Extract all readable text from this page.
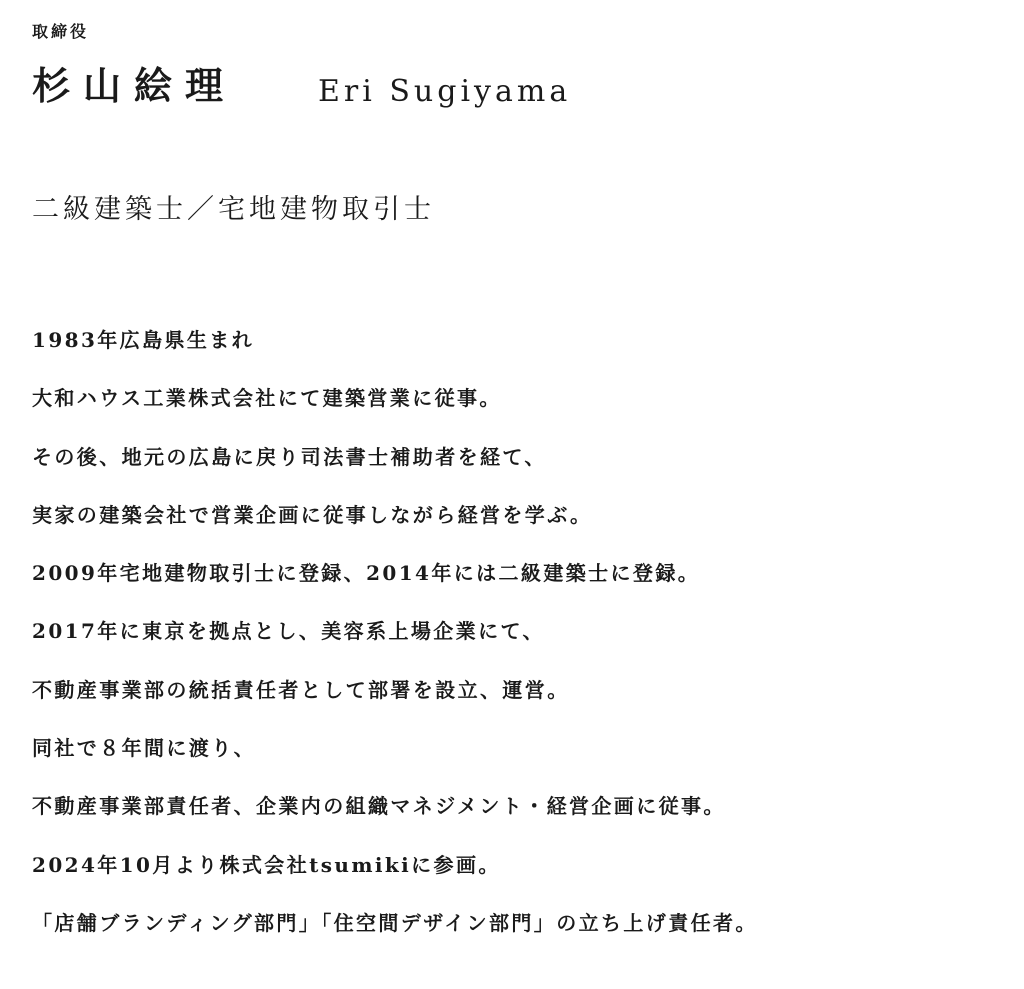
取締役
杉山絵理	Eri Sugiyama
二級建築士／宅地建物取引士
1983年広島県生まれ
大和ハウス工業株式会社にて建築営業に従事。
その後、地元の広島に戻り司法書士補助者を経て、
実家の建築会社で営業企画に従事しながら経営を学ぶ。
2009年宅地建物取引士に登録、2014年には二級建築士に登録。
2017年に東京を拠点とし、美容系上場企業にて、
不動産事業部の統括責任者として部署を設立、運営。
同社で８年間に渡り、
不動産事業部責任者、企業内の組織マネジメント・経営企画に従事。
2024年10月より株式会社tsumikiに参画。
「店舗ブランディング部門」「住空間デザイン部門」の立ち上げ責任者。
